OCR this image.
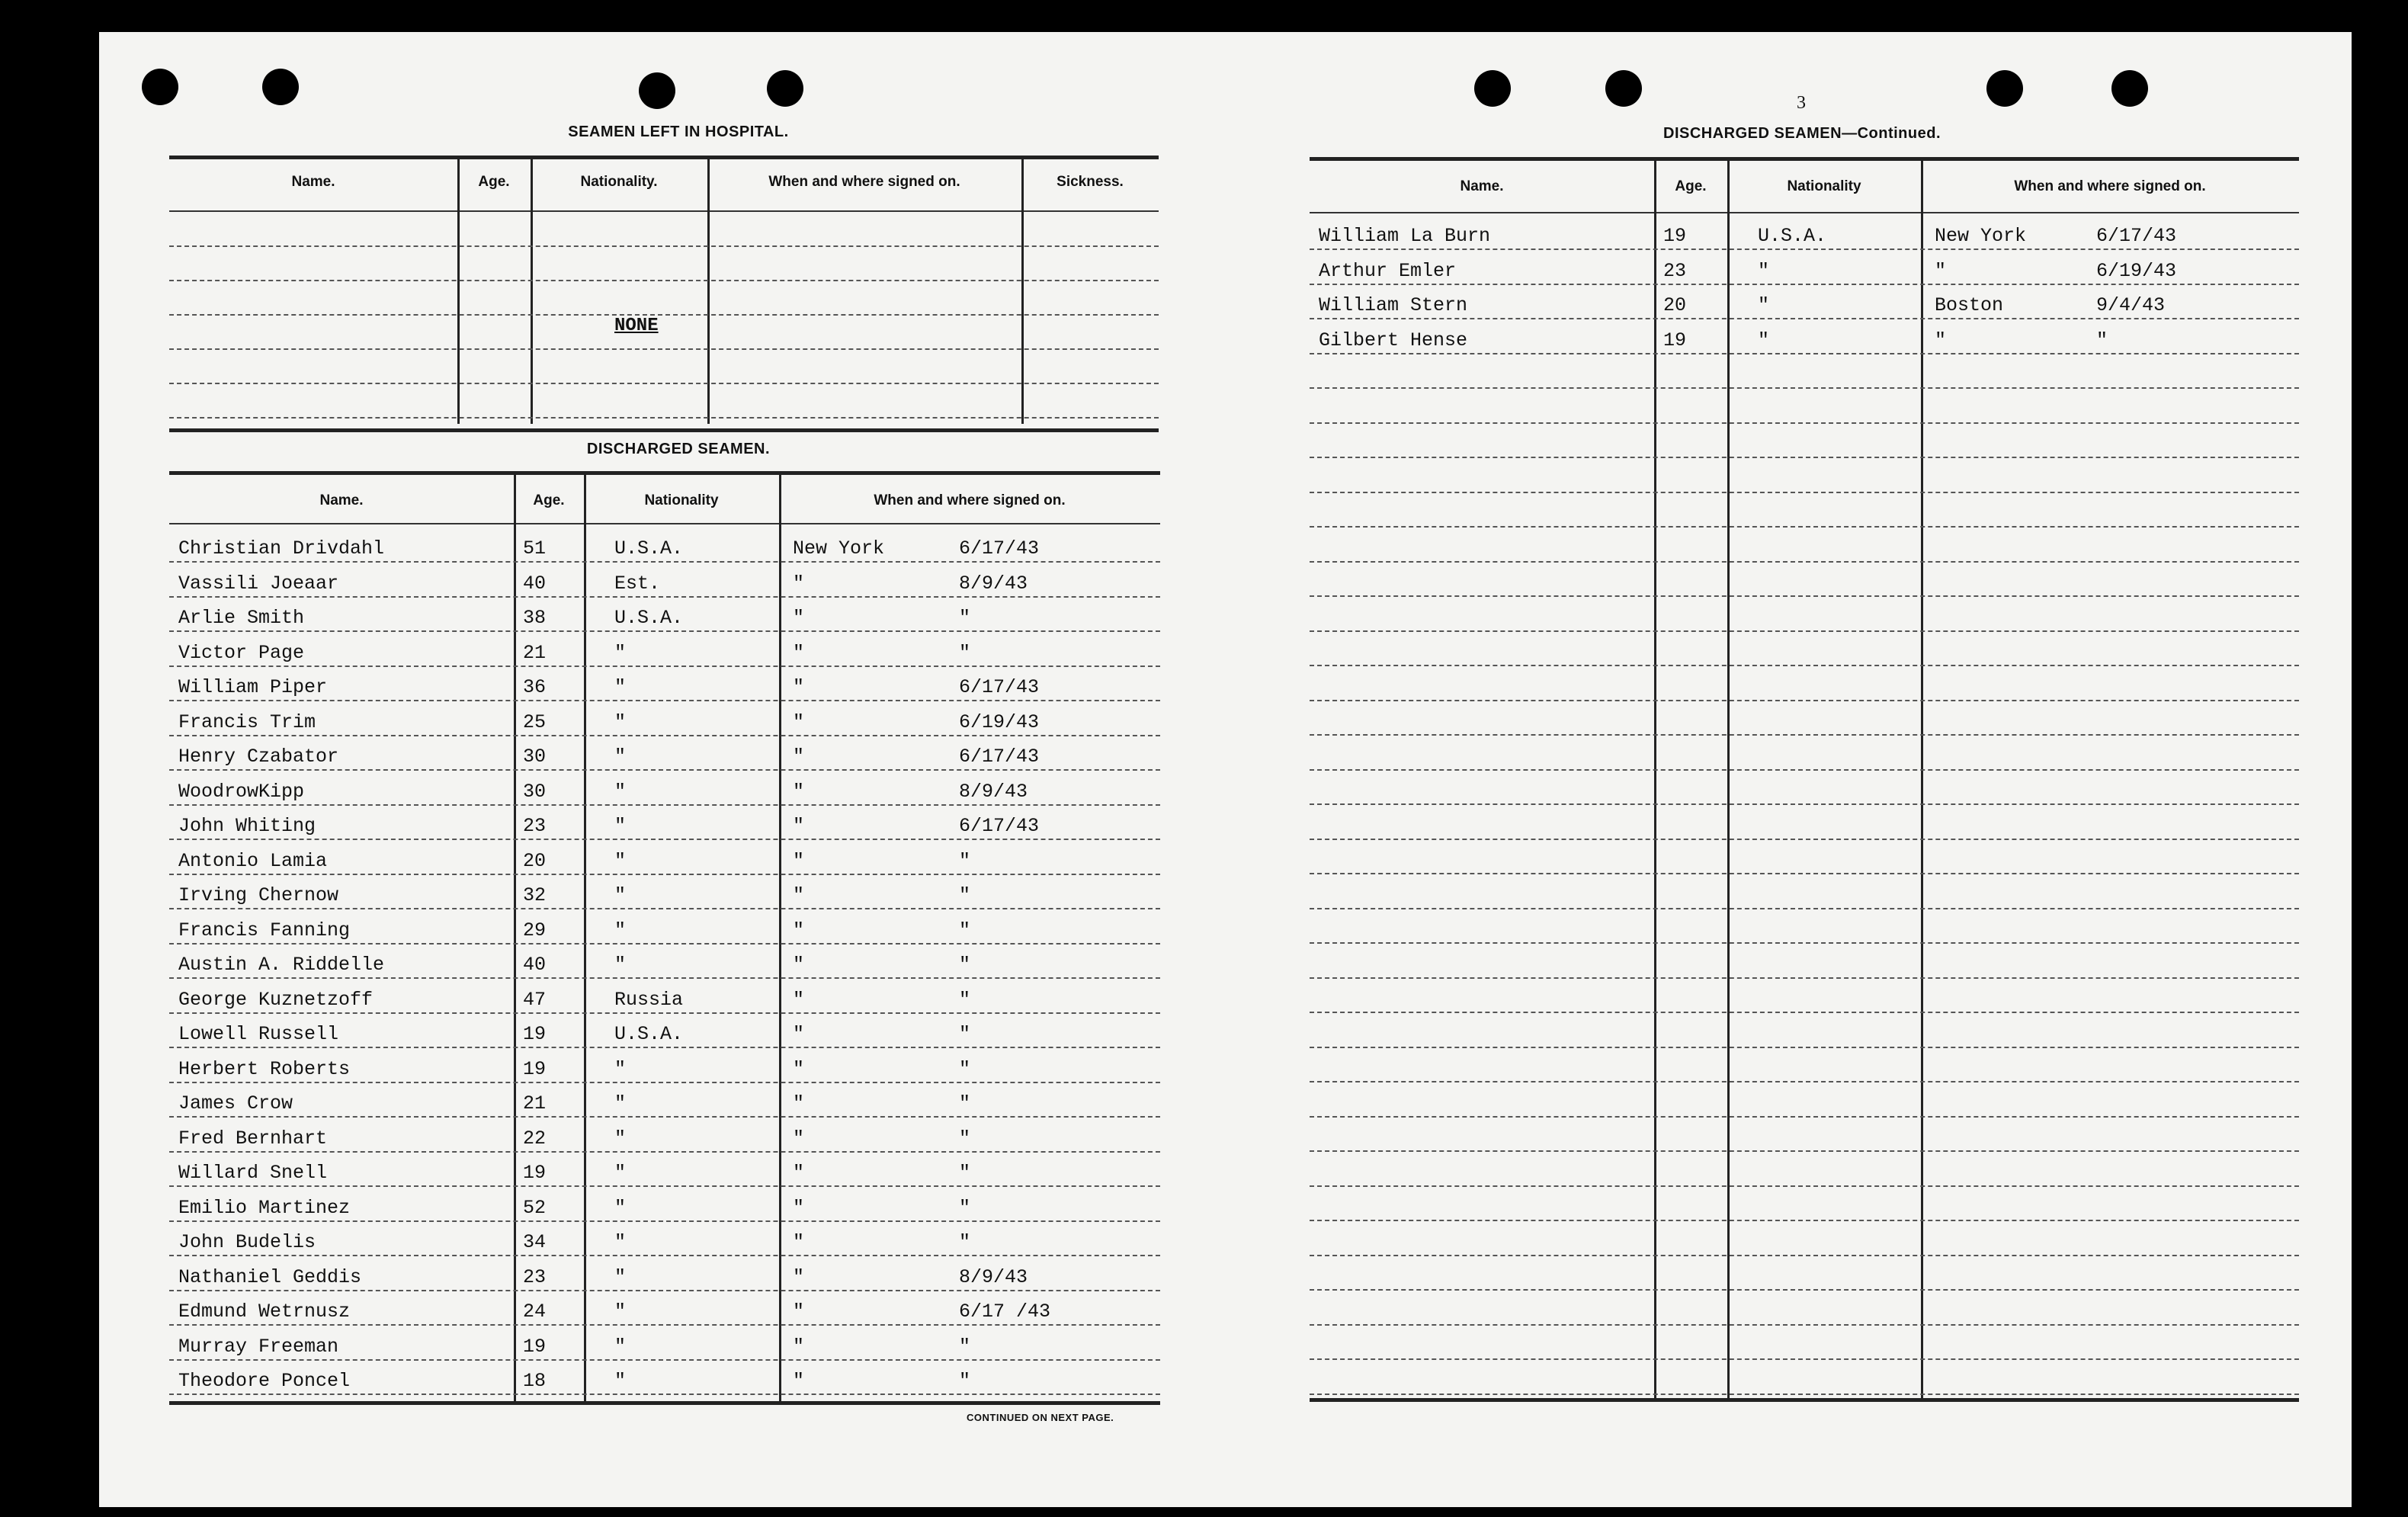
SEAMEN LEFT IN HOSPITAL.
Name.	Age.	Nationality.	When and where signed on.	Sickness.
NONE
DISCHARGED SEAMEN.
Name.	Age.	Nationality	When and where signed on.
Christian Drivdahl	51	U.S.A.	New York	6/17/43
Vassili Joeaar	40	Est.	"	8/9/43
Arlie Smith	38	U.S.A.	"	"
Victor Page	21	"	"	"
William Piper	36	"	"	6/17/43
Francis Trim	25	"	"	6/19/43
Henry Czabator	30	"	"	6/17/43
WoodrowKipp	30	"	"	8/9/43
John Whiting	23	"	"	6/17/43
Antonio Lamia	20	"	"	"
Irving Chernow	32	"	"	"
Francis Fanning	29	"	"	"
Austin A. Riddelle	40	"	"	"
George Kuznetzoff	47	Russia	"	"
Lowell Russell	19	U.S.A.	"	"
Herbert Roberts	19	"	"	"
James Crow	21	"	"	"
Fred Bernhart	22	"	"	"
Willard Snell	19	"	"	"
Emilio Martinez	52	"	"	"
John Budelis	34	"	"	"
Nathaniel Geddis	23	"	"	8/9/43
Edmund Wetrnusz	24	"	"	6/17 /43
Murray Freeman	19	"	"	"
Theodore Poncel	18	"	"	"
CONTINUED ON NEXT PAGE.
3
DISCHARGED SEAMEN—Continued.
Name.	Age.	Nationality	When and where signed on.
William La Burn	19	U.S.A.	New York	6/17/43
Arthur Emler	23	"	"	6/19/43
William Stern	20	"	Boston	9/4/43
Gilbert Hense	19	"	"	"
